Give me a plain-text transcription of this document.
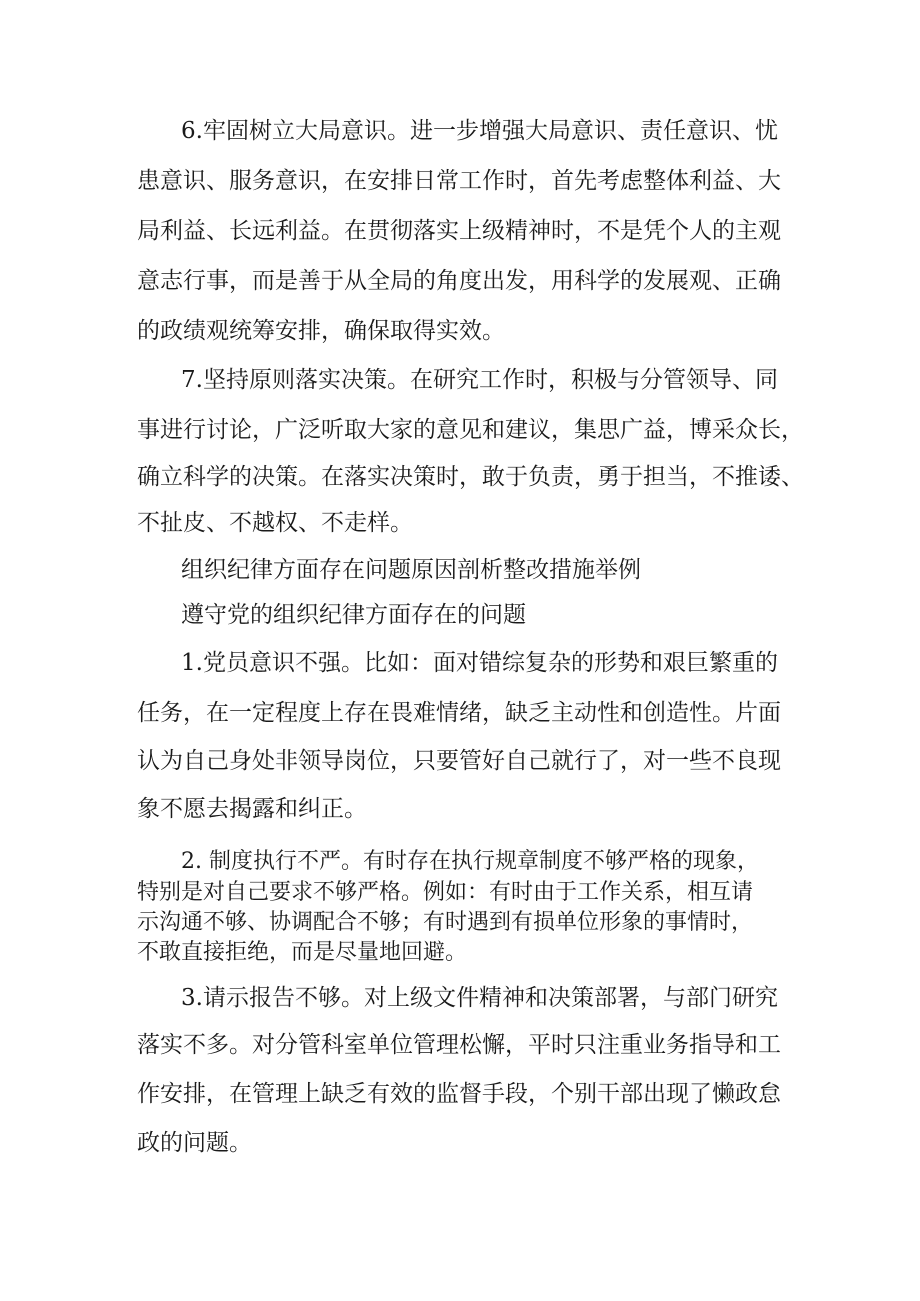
6.牢固树立大局意识。进一步增强大局意识、责任意识、忧
患意识、服务意识，在安排日常工作时，首先考虑整体利益、大
局利益、长远利益。在贯彻落实上级精神时，不是凭个人的主观
意志行事，而是善于从全局的角度出发，用科学的发展观、正确
的政绩观统筹安排，确保取得实效。
7.坚持原则落实决策。在研究工作时，积极与分管领导、同
事进行讨论，广泛听取大家的意见和建议，集思广益，博采众长，
确立科学的决策。在落实决策时，敢于负责，勇于担当，不推诿、
不扯皮、不越权、不走样。
组织纪律方面存在问题原因剖析整改措施举例
遵守党的组织纪律方面存在的问题
1.党员意识不强。比如：面对错综复杂的形势和艰巨繁重的
任务，在一定程度上存在畏难情绪，缺乏主动性和创造性。片面
认为自己身处非领导岗位，只要管好自己就行了，对一些不良现
象不愿去揭露和纠正。
2. 制度执行不严。有时存在执行规章制度不够严格的现象，
特别是对自己要求不够严格。例如：有时由于工作关系，相互请
示沟通不够、协调配合不够；有时遇到有损单位形象的事情时，
不敢直接拒绝，而是尽量地回避。
3.请示报告不够。对上级文件精神和决策部署，与部门研究
落实不多。对分管科室单位管理松懈，平时只注重业务指导和工
作安排，在管理上缺乏有效的监督手段，个别干部出现了懒政怠
政的问题。
